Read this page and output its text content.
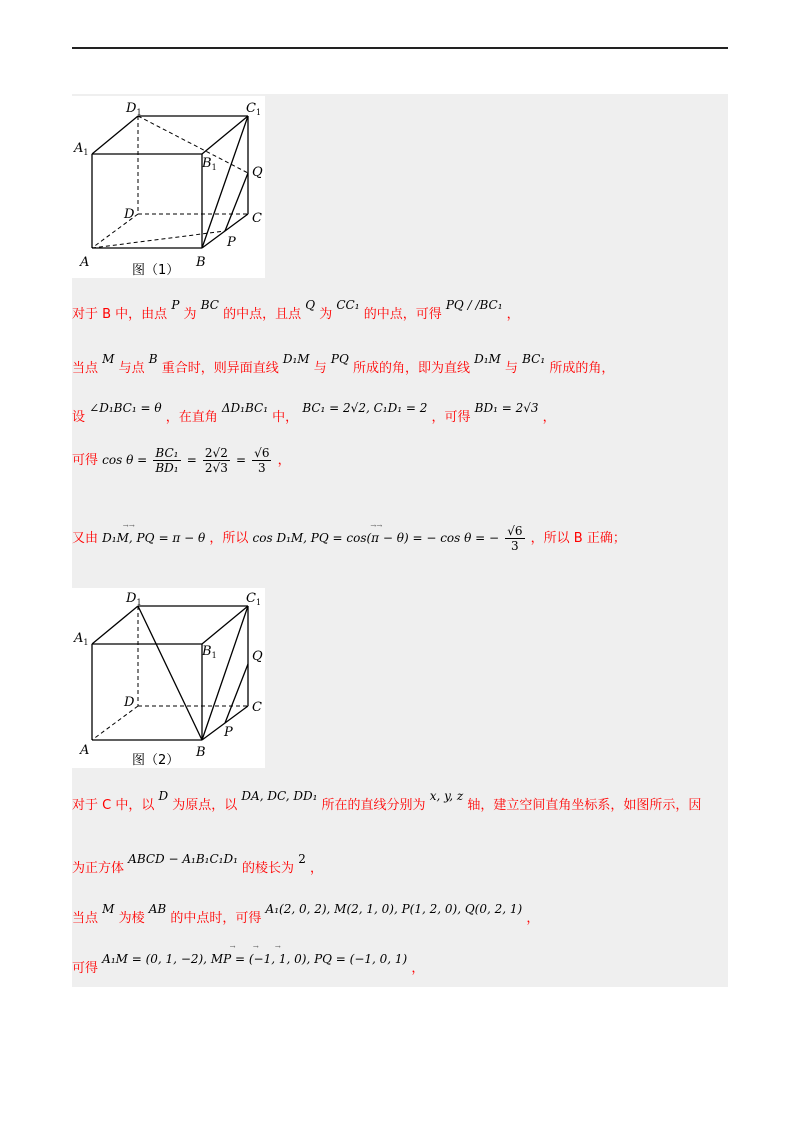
$D_1$	$C_1$
$A_1$
$B_1$	Q
D	C
P
A	B
图（1）
对于 B 中，由点 P 为 BC 的中点，且点 Q 为 CC₁ 的中点，可得 PQ / /BC₁ ，
当点 M 与点 B 重合时，则异面直线 D₁M 与 PQ 所成的角，即为直线 D₁M 与 BC₁ 所成的角，
设 ∠D₁BC₁ = θ ，在直角 ΔD₁BC₁ 中， BC₁ = 2√2, C₁D₁ = 2 ，可得 BD₁ = 2√3 ，
可得 $\cos \theta = \frac{\text{BC₁}}{\text{BD₁}} = \frac{2√2}{2√3} = \frac{√6}{3}$ ，
又由
→ →
D₁M, PQ = π − θ ，所以
→ →
cos D₁M, PQ = cos(π − θ) = − cos θ = − $\frac{√6}{3}$ ，所以 B 正确；
$D_1$	$C_1$
$A_1$
$B_1$	Q
D	C
P
A	B
图（2）
对于 C 中，以 D 为原点，以 DA, DC, DD₁ 所在的直线分别为 x, y, z 轴，建立空间直角坐标系，如图所示，因
为正方体 ABCD − A₁B₁C₁D₁ 的棱长为 2 ，
当点 M 为棱 AB 的中点时，可得 A₁(2, 0, 2), M(2, 1, 0), P(1, 2, 0), Q(0, 2, 1) ，
可得
→               →              →
A₁M = (0, 1, −2), MP = (−1, 1, 0), PQ = (−1, 0, 1) ，
